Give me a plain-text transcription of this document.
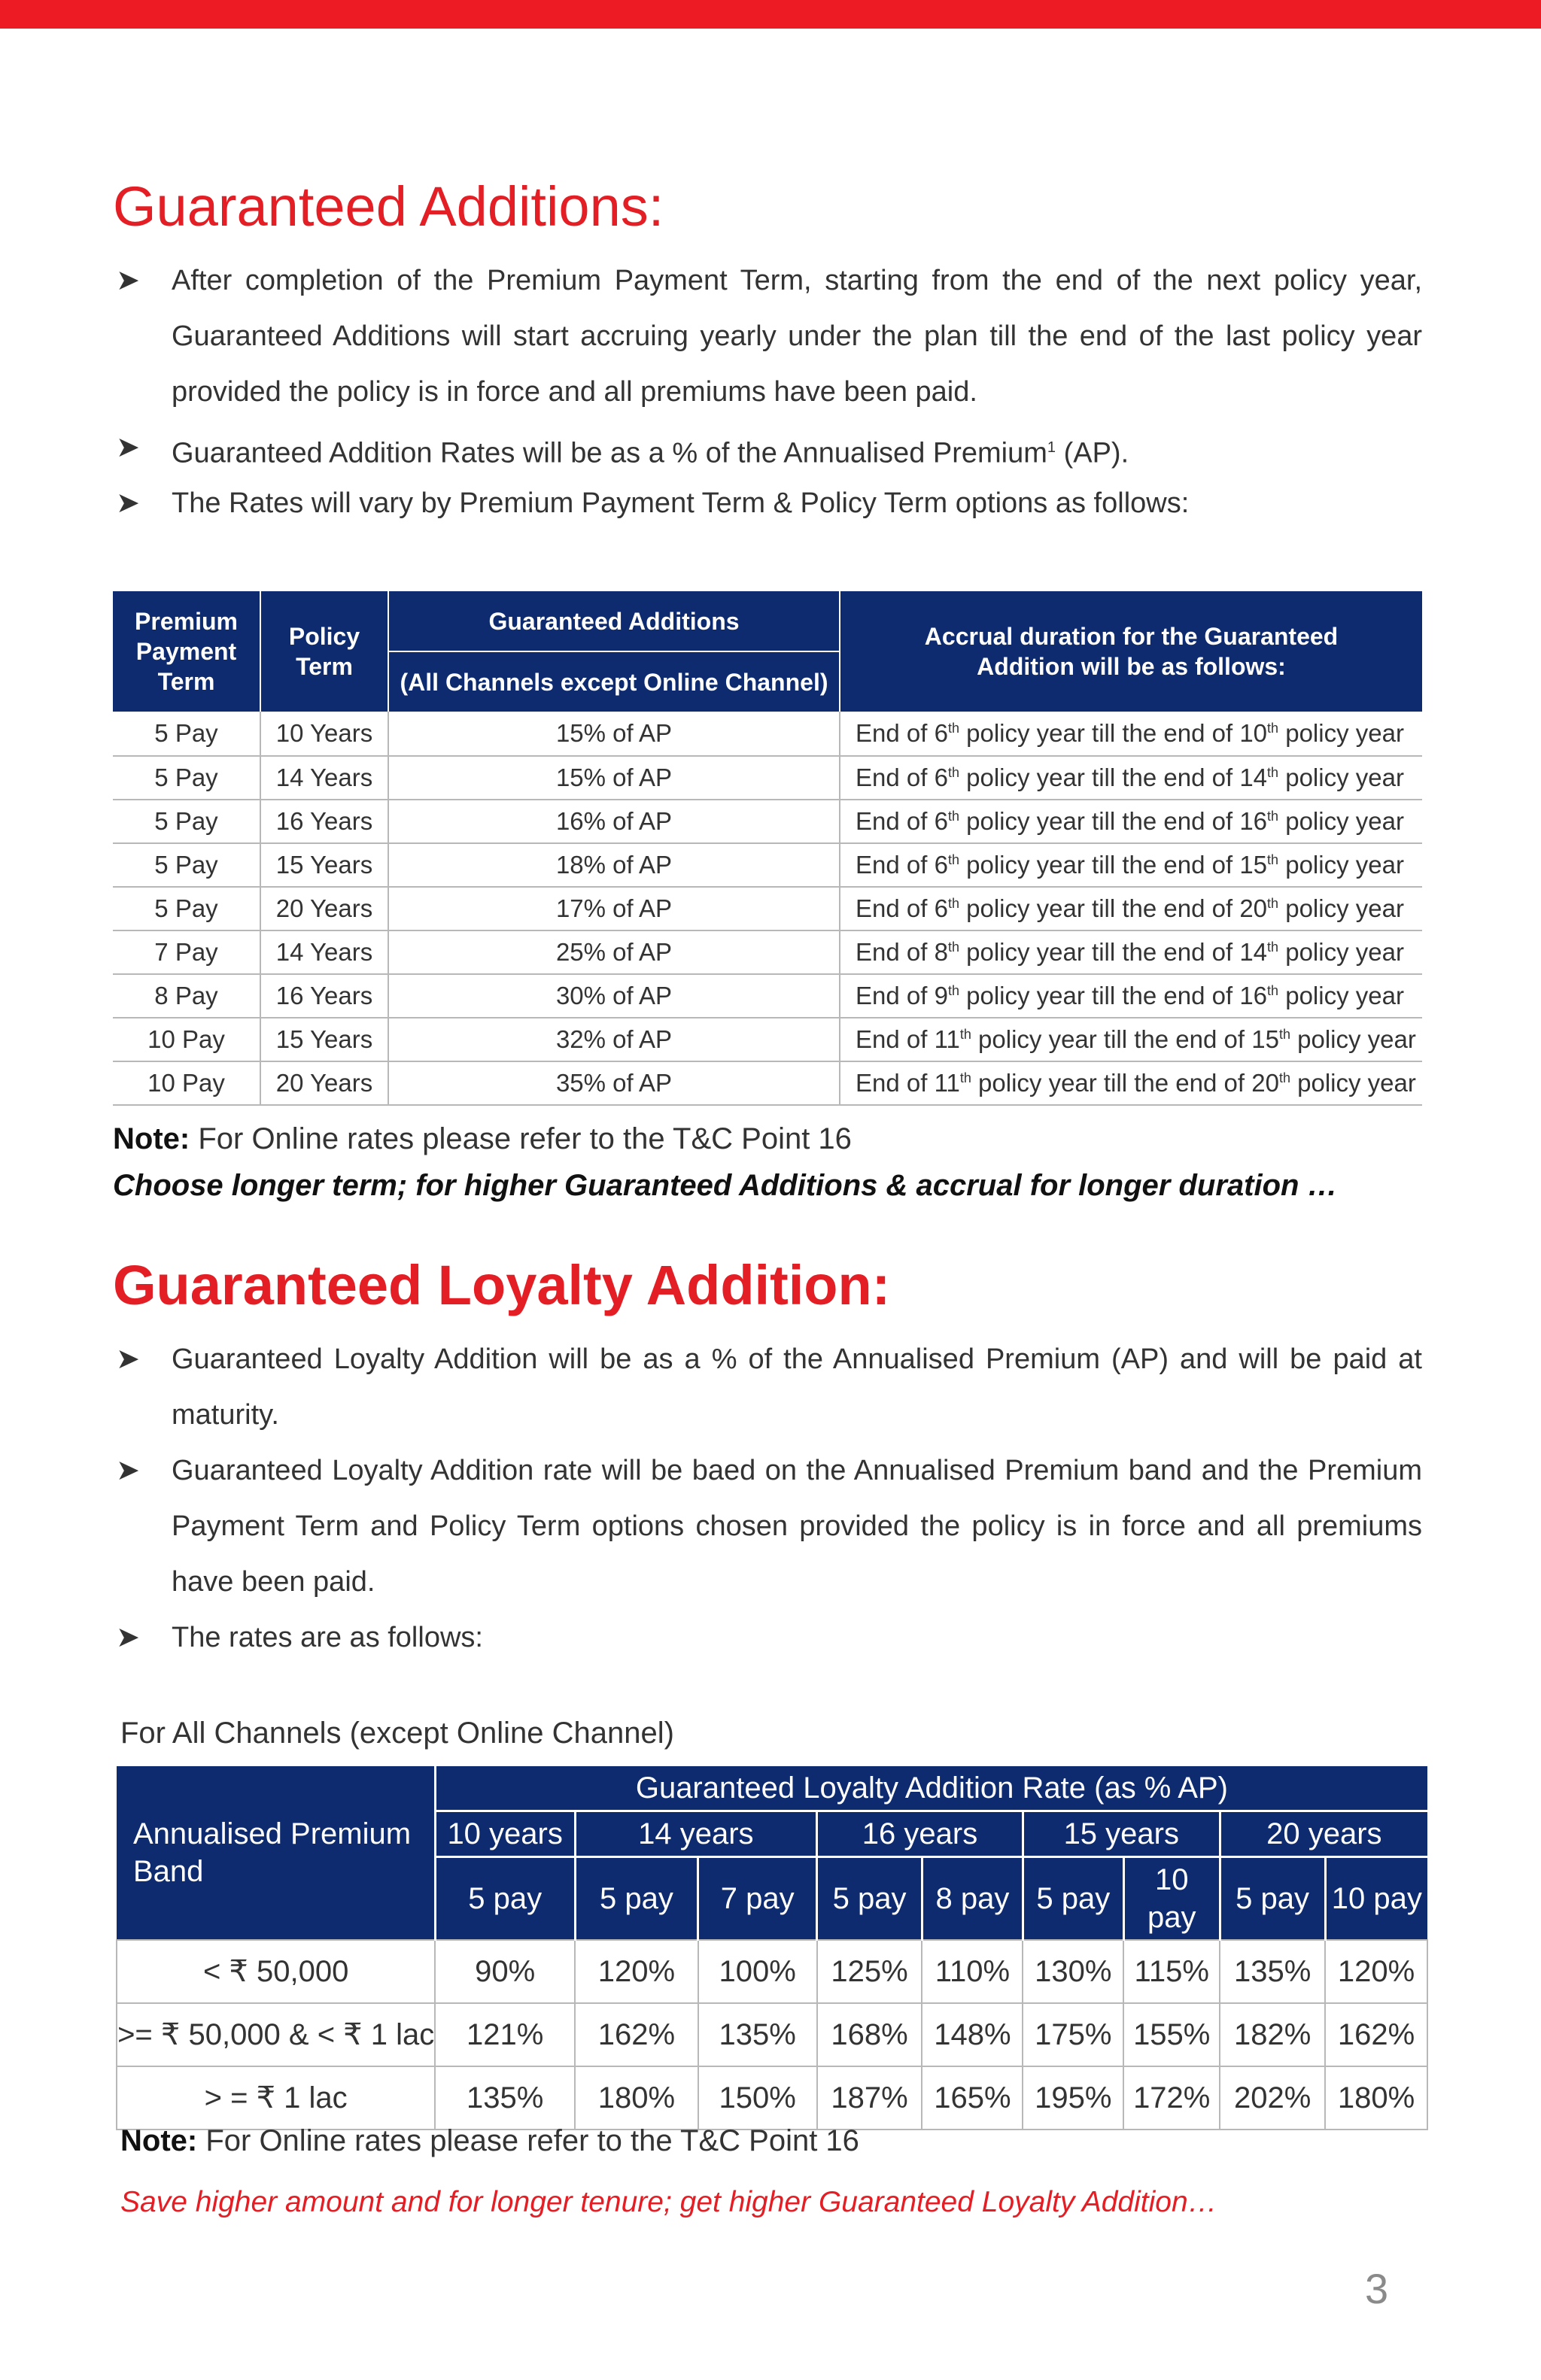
Guaranteed Additions:
➤ After completion of the Premium Payment Term, starting from the end of the next policy year, Guaranteed Additions will start accruing yearly under the plan till the end of the last policy year provided the policy is in force and all premiums have been paid.
➤ Guaranteed Addition Rates will be as a % of the Annualised Premium$^1$ (AP).
➤ The Rates will vary by Premium Payment Term & Policy Term options as follows:
Premium Payment Term	Policy Term	Guaranteed Additions	Accrual duration for the Guaranteed Addition will be as follows:
		(All Channels except Online Channel)	
5 Pay	10 Years	15% of AP	End of 6th policy year till the end of 10th policy year
5 Pay	14 Years	15% of AP	End of 6th policy year till the end of 14th policy year
5 Pay	16 Years	16% of AP	End of 6th policy year till the end of 16th policy year
5 Pay	15 Years	18% of AP	End of 6th policy year till the end of 15th policy year
5 Pay	20 Years	17% of AP	End of 6th policy year till the end of 20th policy year
7 Pay	14 Years	25% of AP	End of 8th policy year till the end of 14th policy year
8 Pay	16 Years	30% of AP	End of 9th policy year till the end of 16th policy year
10 Pay	15 Years	32% of AP	End of 11th policy year till the end of 15th policy year
10 Pay	20 Years	35% of AP	End of 11th policy year till the end of 20th policy year
Note: For Online rates please refer to the T&C Point 16
Choose longer term; for higher Guaranteed Additions & accrual for longer duration …
Guaranteed Loyalty Addition:
➤ Guaranteed Loyalty Addition will be as a % of the Annualised Premium (AP) and will be paid at maturity.
➤ Guaranteed Loyalty Addition rate will be baed on the Annualised Premium band and the Premium Payment Term and Policy Term options chosen provided the policy is in force and all premiums have been paid.
➤ The rates are as follows:
For All Channels (except Online Channel)
Annualised Premium Band	Guaranteed Loyalty Addition Rate (as % AP)								
	10 years	14 years		16 years		15 years		20 years	
	5 pay	5 pay	7 pay	5 pay	8 pay	5 pay	10 pay	5 pay	10 pay
< ₹ 50,000	90%	120%	100%	125%	110%	130%	115%	135%	120%
>= ₹ 50,000 & < ₹ 1 lac	121%	162%	135%	168%	148%	175%	155%	182%	162%
> = ₹ 1 lac	135%	180%	150%	187%	165%	195%	172%	202%	180%
Note: For Online rates please refer to the T&C Point 16
Save higher amount and for longer tenure; get higher Guaranteed Loyalty Addition…
3
